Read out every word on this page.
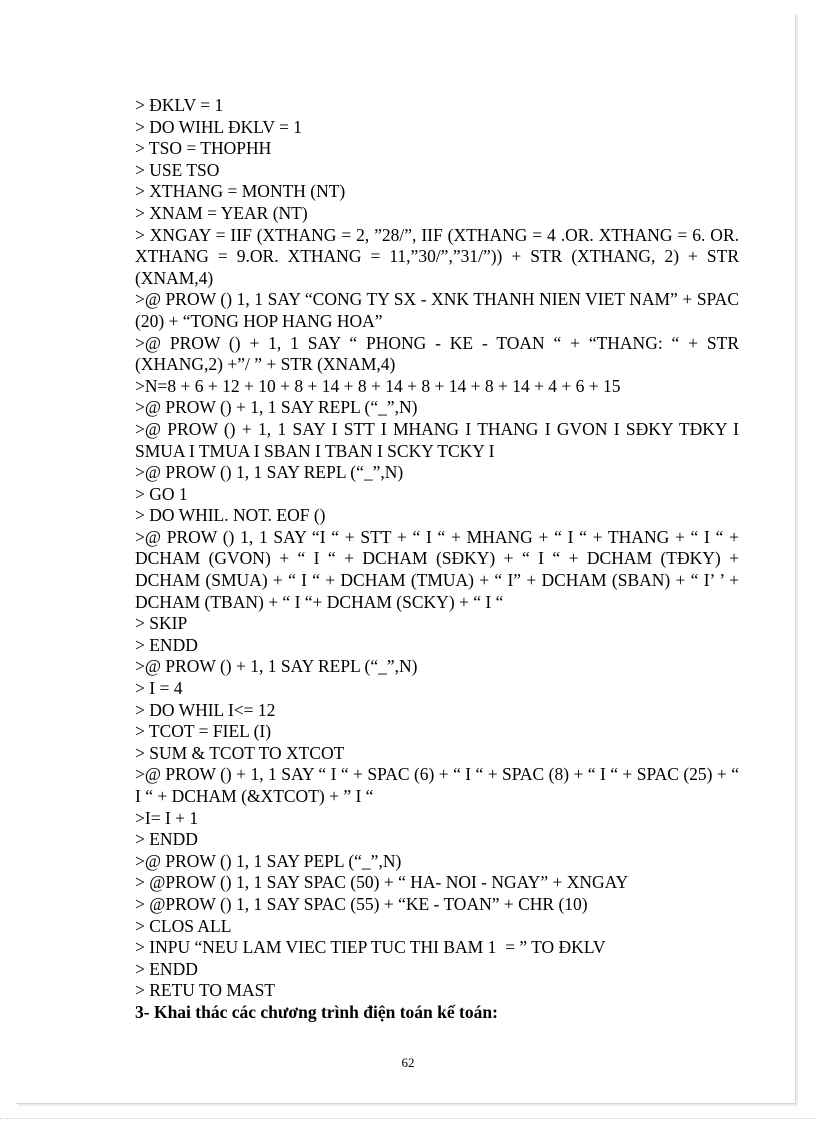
> ĐKLV = 1
> DO WIHL ĐKLV = 1
> TSO = THOPHH
> USE TSO
> XTHANG = MONTH (NT)
> XNAM = YEAR (NT)
> XNGAY = IIF (XTHANG = 2, ”28/”, IIF (XTHANG = 4 .OR. XTHANG = 6. OR. XTHANG = 9.OR. XTHANG = 11,”30/”,”31/”)) + STR (XTHANG, 2) + STR (XNAM,4)
>@ PROW () 1, 1 SAY “CONG TY SX - XNK THANH NIEN VIET NAM” + SPAC (20) + “TONG HOP HANG HOA”
>@ PROW () + 1, 1 SAY “ PHONG - KE - TOAN “ + “THANG: “ + STR (XHANG,2) +”/ ” + STR (XNAM,4)
>N=8 + 6 + 12 + 10 + 8 + 14 + 8 + 14 + 8 + 14 + 8 + 14 + 4 + 6 + 15
>@ PROW () + 1, 1 SAY REPL (“_”,N)
>@ PROW () + 1, 1 SAY I STT I MHANG I THANG I GVON I SĐKY TĐKY I SMUA I TMUA I SBAN I TBAN I SCKY TCKY I
>@ PROW () 1, 1 SAY REPL (“_”,N)
> GO 1
> DO WHIL. NOT. EOF ()
>@ PROW () 1, 1 SAY “I “ + STT + “ I “ + MHANG + “ I “ + THANG + “ I “ + DCHAM (GVON) + “ I “ + DCHAM (SĐKY) + “ I “ + DCHAM (TĐKY) + DCHAM (SMUA) + “ I “ + DCHAM (TMUA) + “ I” + DCHAM (SBAN) + “ I’ ’ + DCHAM (TBAN) + “ I “+ DCHAM (SCKY) + “ I “
> SKIP
> ENDD
>@ PROW () + 1, 1 SAY REPL (“_”,N)
> I = 4
> DO WHIL I<= 12
> TCOT = FIEL (I)
> SUM & TCOT TO XTCOT
>@ PROW () + 1, 1 SAY “ I “ + SPAC (6) + “ I “ + SPAC (8) + “ I “ + SPAC (25) + “ I “ + DCHAM (&XTCOT) + ” I “
>I= I + 1
> ENDD
>@ PROW () 1, 1 SAY PEPL (“_”,N)
> @PROW () 1, 1 SAY SPAC (50) + “ HA- NOI - NGAY” + XNGAY
> @PROW () 1, 1 SAY SPAC (55) + “KE - TOAN” + CHR (10)
> CLOS ALL
> INPU “NEU LAM VIEC TIEP TUC THI BAM 1  = ” TO ĐKLV
> ENDD
> RETU TO MAST
3- Khai thác các chương trình điện toán kế toán:
62
